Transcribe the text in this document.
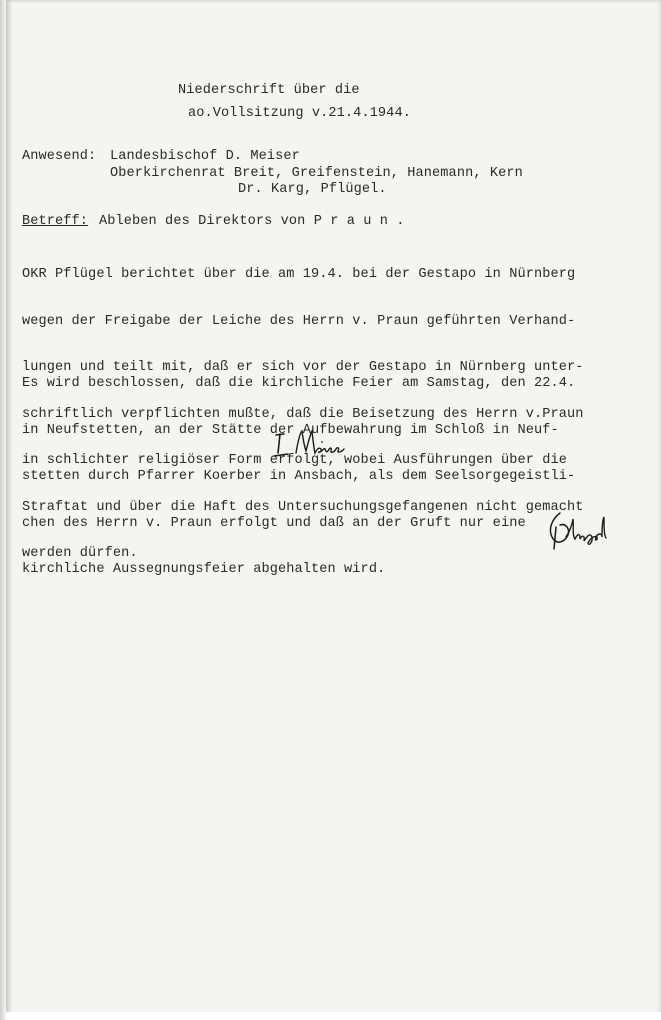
Niederschrift über die
ao.Vollsitzung v.21.4.1944.
Anwesend: Landesbischof D. Meiser
Oberkirchenrat Breit, Greifenstein, Hanemann, Kern
Dr. Karg, Pflügel.
Betreff: Ableben des Direktors von P r a u n .

OKR Pflügel berichtet über die am 19.4. bei der Gestapo in Nürnberg

wegen der Freigabe der Leiche des Herrn v. Praun geführten Verhand-

lungen und teilt mit, daß er sich vor der Gestapo in Nürnberg unter-

schriftlich verpflichten mußte, daß die Beisetzung des Herrn v.Praun

in schlichter religiöser Form erfolgt, wobei Ausführungen über die

Straftat und über die Haft des Untersuchungsgefangenen nicht gemacht

werden dürfen.

Es wird beschlossen, daß die kirchliche Feier am Samstag, den 22.4.

in Neufstetten, an der Stätte der Aufbewahrung im Schloß in Neuf-

stetten durch Pfarrer Koerber in Ansbach, als dem Seelsorgegeistli-

chen des Herrn v. Praun erfolgt und daß an der Gruft nur eine

kirchliche Aussegnungsfeier abgehalten wird.
